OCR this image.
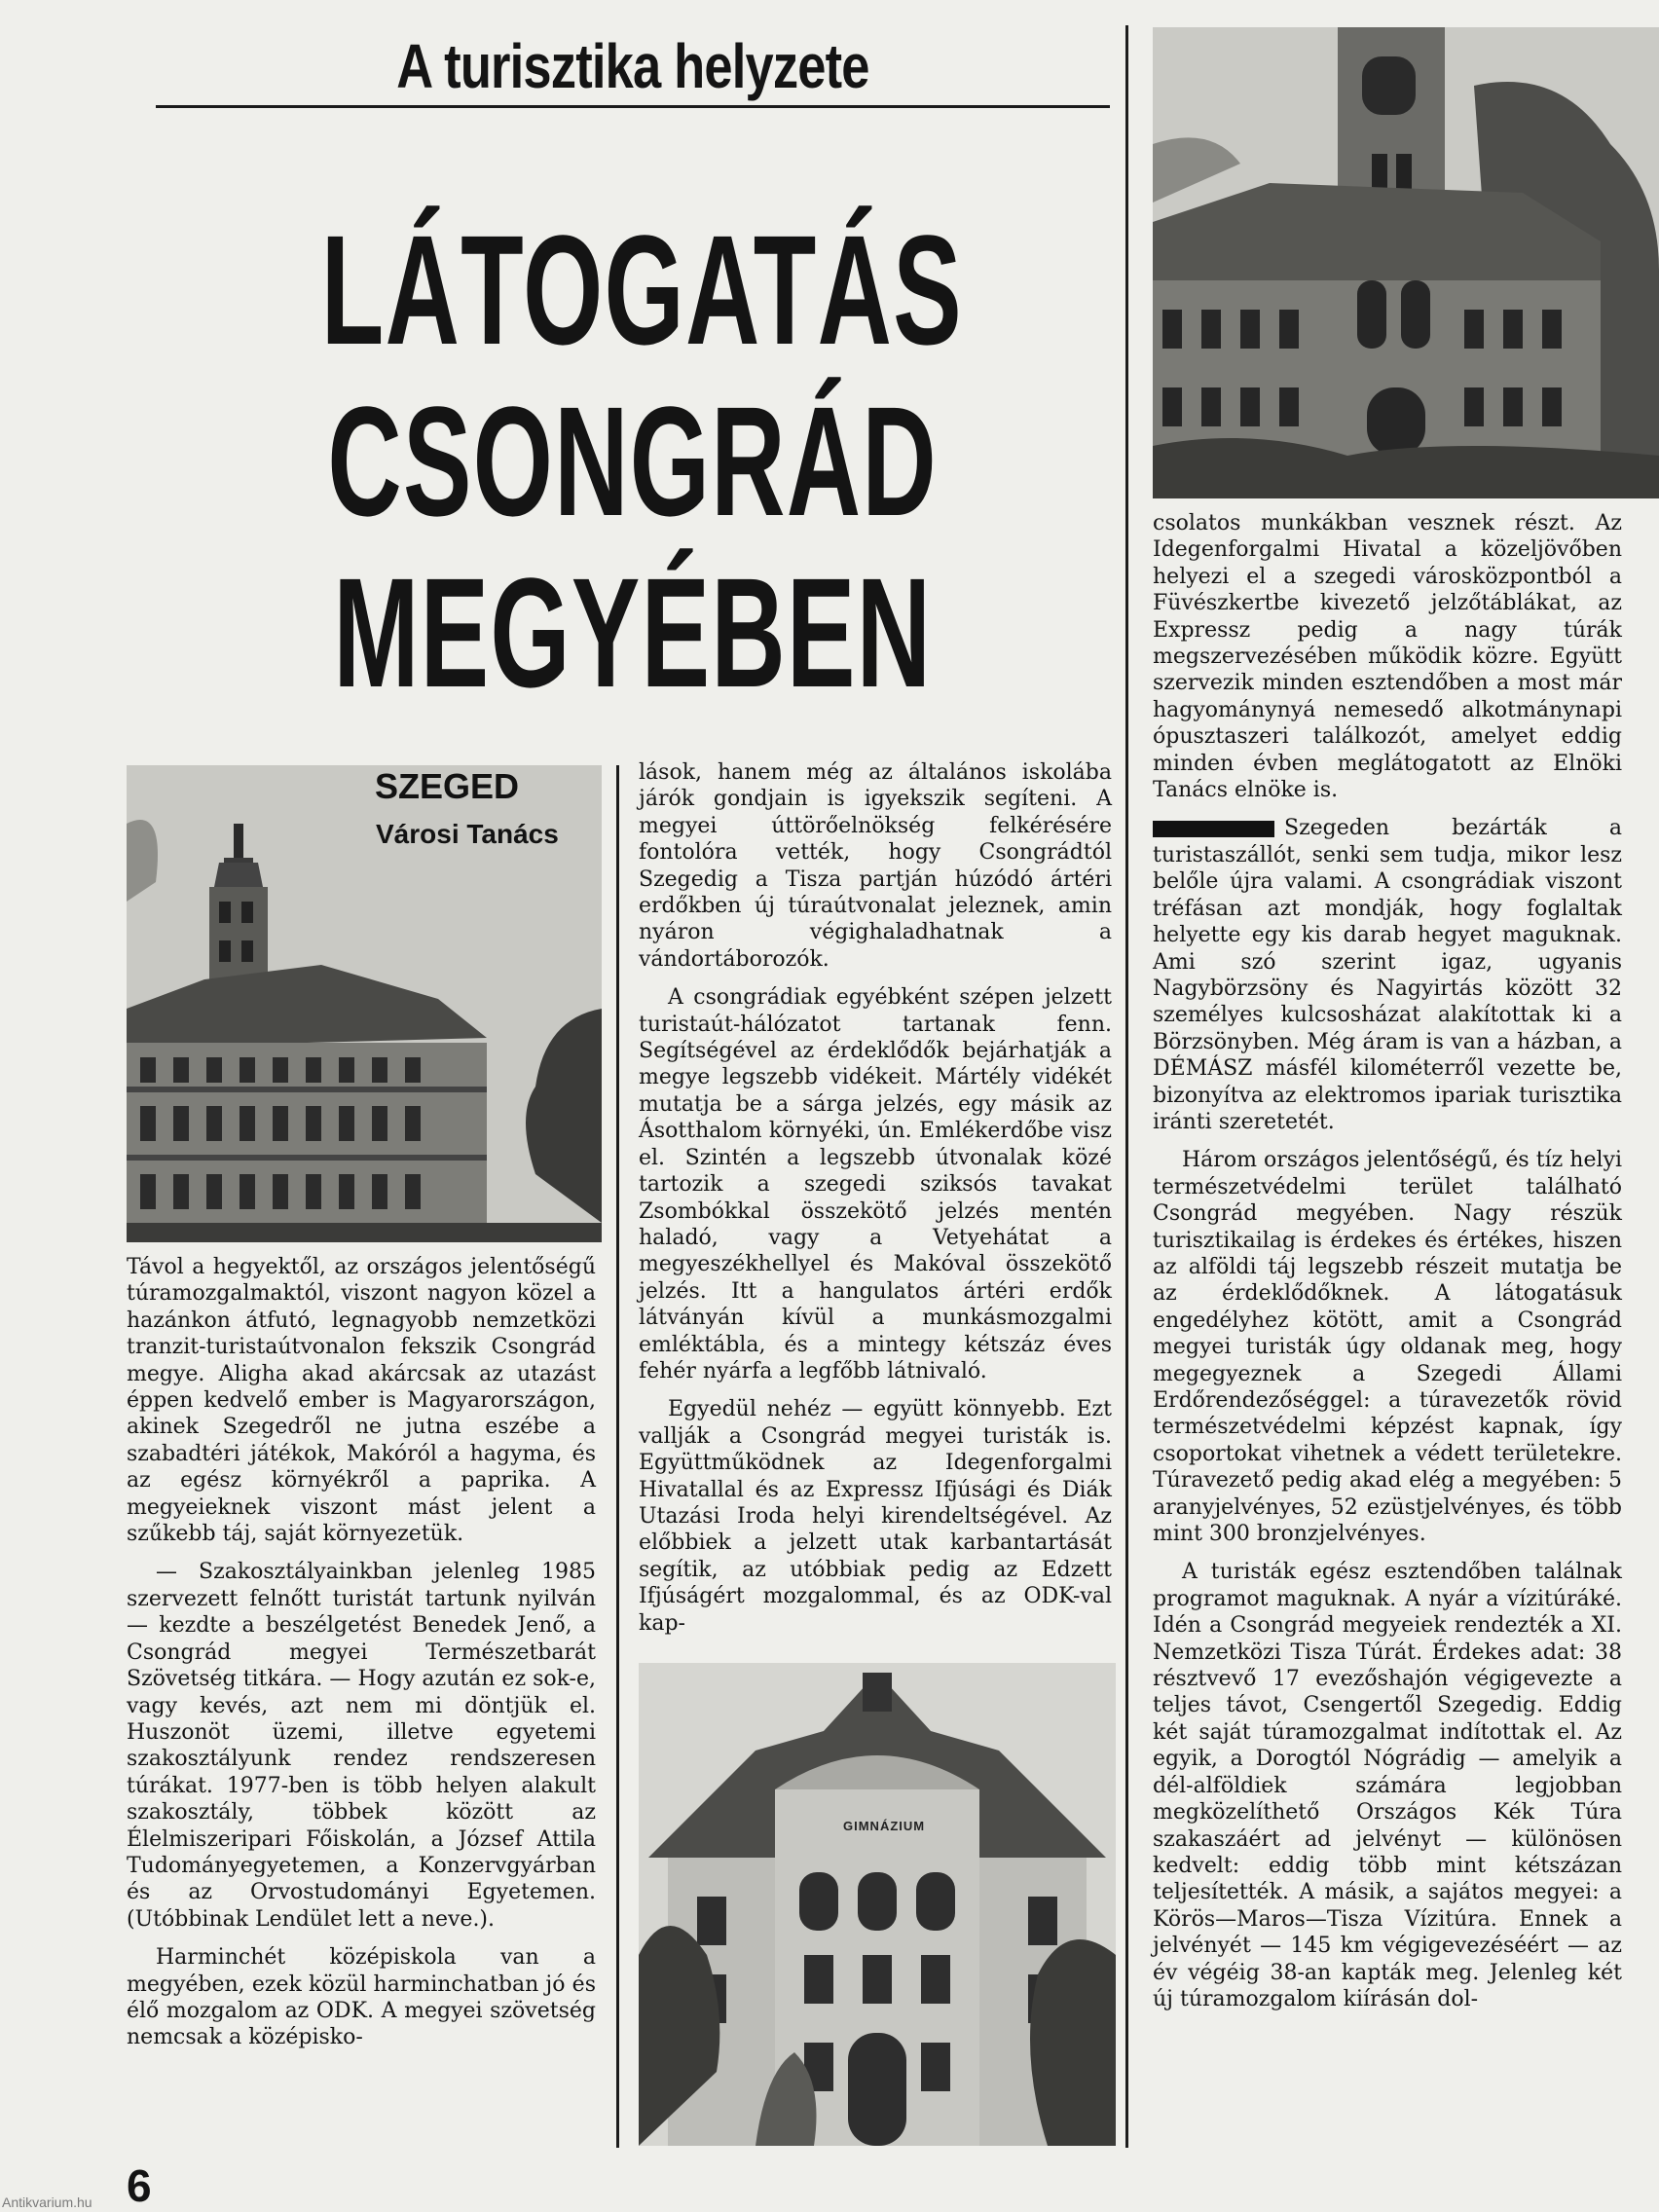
A turisztika helyzete
LÁTOGATÁS
CSONGRÁD
MEGYÉBEN
SZEGED
Városi Tanács
GIMNÁZIUM

Távol a hegyektől, az országos jelentőségű túramozgalmaktól, viszont nagyon közel a hazánkon átfutó, legnagyobb nemzetközi tranzit-turistaútvonalon fekszik Csongrád megye. Aligha akad akárcsak az utazást éppen kedvelő ember is Magyarországon, akinek Szegedről ne jutna eszébe a szabadtéri játékok, Makóról a hagyma, és az egész környékről a paprika. A megyeieknek viszont mást jelent a szűkebb táj, saját környezetük.

— Szakosztályainkban jelenleg 1985 szervezett felnőtt turistát tartunk nyilván — kezdte a beszélgetést Benedek Jenő, a Csongrád megyei Természetbarát Szövetség titkára. — Hogy azután ez sok-e, vagy kevés, azt nem mi döntjük el. Huszonöt üzemi, illetve egyetemi szakosztályunk rendez rendszeresen túrákat. 1977-ben is több helyen alakult szakosztály, többek között az Élelmiszeripari Főiskolán, a József Attila Tudományegyetemen, a Konzervgyárban és az Orvostudományi Egyetemen. (Utóbbinak Lendület lett a neve.).

Harminchét középiskola van a megyében, ezek közül harminchatban jó és élő mozgalom az ODK. A megyei szövetség nemcsak a középisko-

lások, hanem még az általános iskolába járók gondjain is igyekszik segíteni. A megyei úttörőelnökség felkérésére fontolóra vették, hogy Csongrádtól Szegedig a Tisza partján húzódó ártéri erdőkben új túraútvonalat jeleznek, amin nyáron végighaladhatnak a vándortáborozók.

A csongrádiak egyébként szépen jelzett turistaút-hálózatot tartanak fenn. Segítségével az érdeklődők bejárhatják a megye legszebb vidékeit. Mártély vidékét mutatja be a sárga jelzés, egy másik az Ásotthalom környéki, ún. Emlékerdőbe visz el. Szintén a legszebb útvonalak közé tartozik a szegedi sziksós tavakat Zsombókkal összekötő jelzés mentén haladó, vagy a Vetyehátat a megyeszékhellyel és Makóval összekötő jelzés. Itt a hangulatos ártéri erdők látványán kívül a munkásmozgalmi emléktábla, és a mintegy kétszáz éves fehér nyárfa a legfőbb látnivaló.

Egyedül nehéz — együtt könnyebb. Ezt vallják a Csongrád megyei turisták is. Együttműködnek az Idegenforgalmi Hivatallal és az Expressz Ifjúsági és Diák Utazási Iroda helyi kirendeltségével. Az előbbiek a jelzett utak karbantartását segítik, az utóbbiak pedig az Edzett Ifjúságért mozgalommal, és az ODK-val kap-

csolatos munkákban vesznek részt. Az Idegenforgalmi Hivatal a közeljövőben helyezi el a szegedi városközpontból a Füvészkertbe kivezető jelzőtáblákat, az Expressz pedig a nagy túrák megszervezésében működik közre. Együtt szervezik minden esztendőben a most már hagyománynyá nemesedő alkotmánynapi ópusztaszeri találkozót, amelyet eddig minden évben meglátogatott az Elnöki Tanács elnöke is.

Szegeden bezárták a turistaszállót, senki sem tudja, mikor lesz belőle újra valami. A csongrádiak viszont tréfásan azt mondják, hogy foglaltak helyette egy kis darab hegyet maguknak. Ami szó szerint igaz, ugyanis Nagybörzsöny és Nagyirtás között 32 személyes kulcsosházat alakítottak ki a Börzsönyben. Még áram is van a házban, a DÉMÁSZ másfél kilométerről vezette be, bizonyítva az elektromos ipariak turisztika iránti szeretetét.

Három országos jelentőségű, és tíz helyi természetvédelmi terület található Csongrád megyében. Nagy részük turisztikailag is érdekes és értékes, hiszen az alföldi táj legszebb részeit mutatja be az érdeklődőknek. A látogatásuk engedélyhez kötött, amit a Csongrád megyei turisták úgy oldanak meg, hogy megegyeznek a Szegedi Állami Erdőrendezőséggel: a túravezetők rövid természetvédelmi képzést kapnak, így csoportokat vihetnek a védett területekre. Túravezető pedig akad elég a megyében: 5 aranyjelvényes, 52 ezüstjelvényes, és több mint 300 bronzjelvényes.

A turisták egész esztendőben találnak programot maguknak. A nyár a vízitúráké. Idén a Csongrád megyeiek rendezték a XI. Nemzetközi Tisza Túrát. Érdekes adat: 38 résztvevő 17 evezőshajón végigevezte a teljes távot, Csengertől Szegedig. Eddig két saját túramozgalmat indítottak el. Az egyik, a Dorogtól Nógrádig — amelyik a dél-alföldiek számára legjobban megközelíthető Országos Kék Túra szakaszáért ad jelvényt — különösen kedvelt: eddig több mint kétszázan teljesítették. A másik, a sajátos megyei: a Körös—Maros—Tisza Vízitúra. Ennek a jelvényét — 145 km végigevezéséért — az év végéig 38-an kapták meg. Jelenleg két új túramozgalom kiírásán dol-

6
Antikvarium.hu
